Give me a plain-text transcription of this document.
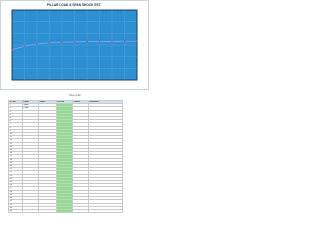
PILLAR LOAD & SPAN SHOCK EST.
Sheet Calc
Sl. No	Input	Value	Result	Factor	Remarks
1	Span				
2	Load				
3					
4					
5					
6					
7					
8					
9					
10					
11					
12					
13					
14					
15					
16					
17					
18					
19					
20					
21					
22					
23					
24					
25					
26					
27					
28					
29					
30					
31					
32					
33					
34					
